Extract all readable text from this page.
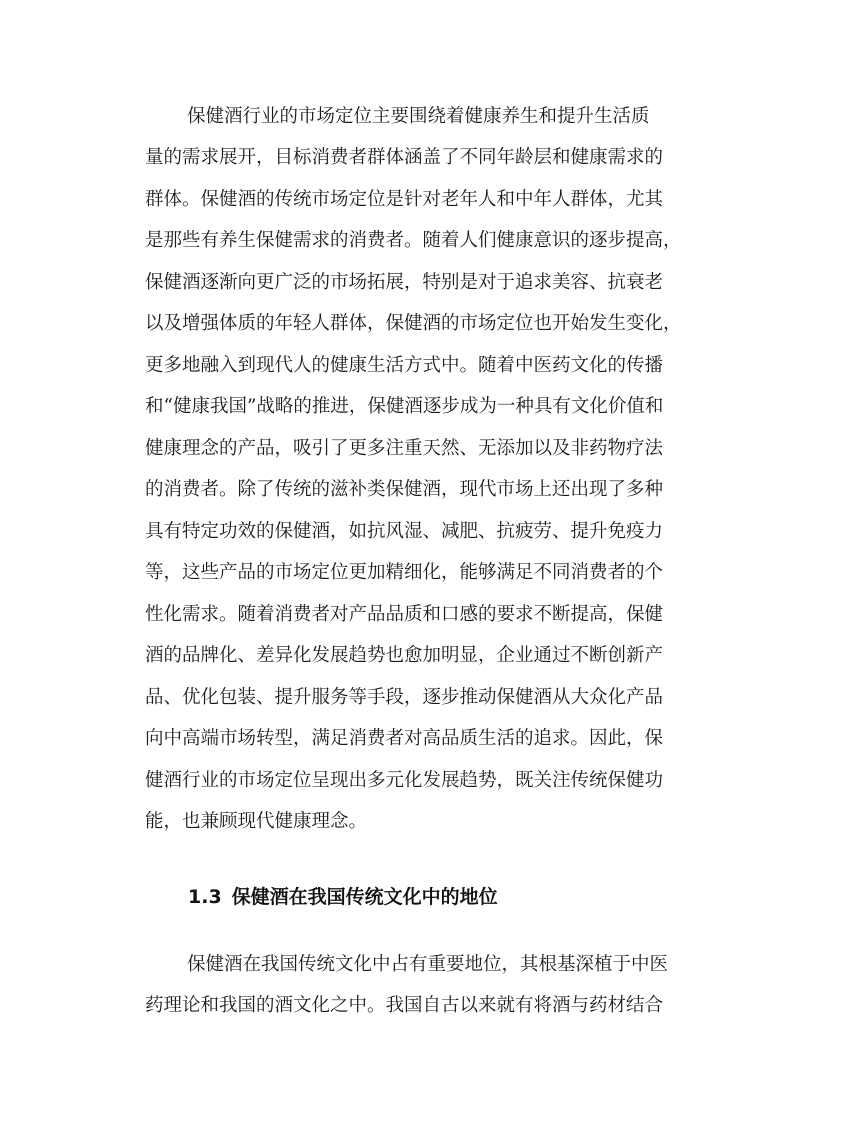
保健酒行业的市场定位主要围绕着健康养生和提升生活质
量的需求展开，目标消费者群体涵盖了不同年龄层和健康需求的
群体。保健酒的传统市场定位是针对老年人和中年人群体，尤其
是那些有养生保健需求的消费者。随着人们健康意识的逐步提高，
保健酒逐渐向更广泛的市场拓展，特别是对于追求美容、抗衰老
以及增强体质的年轻人群体，保健酒的市场定位也开始发生变化，
更多地融入到现代人的健康生活方式中。随着中医药文化的传播
和“健康我国”战略的推进，保健酒逐步成为一种具有文化价值和
健康理念的产品，吸引了更多注重天然、无添加以及非药物疗法
的消费者。除了传统的滋补类保健酒，现代市场上还出现了多种
具有特定功效的保健酒，如抗风湿、减肥、抗疲劳、提升免疫力
等，这些产品的市场定位更加精细化，能够满足不同消费者的个
性化需求。随着消费者对产品品质和口感的要求不断提高，保健
酒的品牌化、差异化发展趋势也愈加明显，企业通过不断创新产
品、优化包装、提升服务等手段，逐步推动保健酒从大众化产品
向中高端市场转型，满足消费者对高品质生活的追求。因此，保
健酒行业的市场定位呈现出多元化发展趋势，既关注传统保健功
能，也兼顾现代健康理念。
1.3 保健酒在我国传统文化中的地位
保健酒在我国传统文化中占有重要地位，其根基深植于中医
药理论和我国的酒文化之中。我国自古以来就有将酒与药材结合
